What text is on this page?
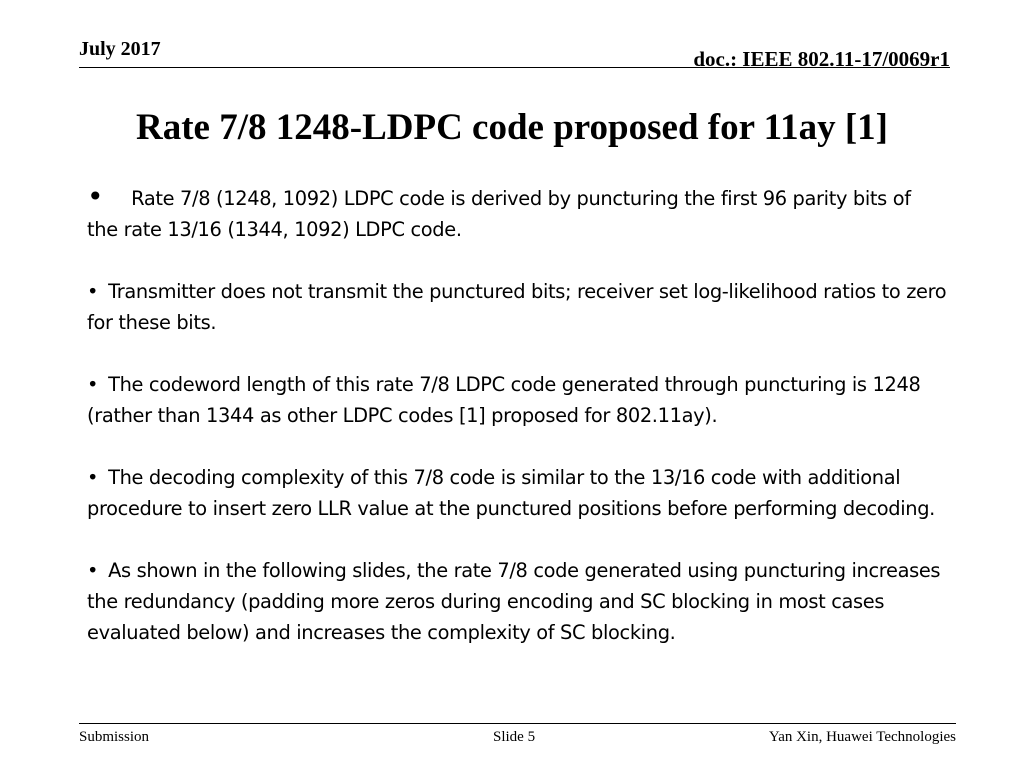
July 2017	doc.: IEEE 802.11-17/0069r1
Rate 7/8 1248-LDPC code proposed for 11ay [1]

• Rate 7/8 (1248, 1092) LDPC code is derived by puncturing the first 96 parity bits of the rate 13/16 (1344, 1092) LDPC code.

• Transmitter does not transmit the punctured bits; receiver set log-likelihood ratios to zero for these bits.

• The codeword length of this rate 7/8 LDPC code generated through puncturing is 1248 (rather than 1344 as other LDPC codes [1] proposed for 802.11ay).

• The decoding complexity of this 7/8 code is similar to the 13/16 code with additional procedure to insert zero LLR value at the punctured positions before performing decoding.

• As shown in the following slides, the rate 7/8 code generated using puncturing increases the redundancy (padding more zeros during encoding and SC blocking in most cases evaluated below) and increases the complexity of SC blocking.

Submission	Slide 5	Yan Xin, Huawei Technologies
